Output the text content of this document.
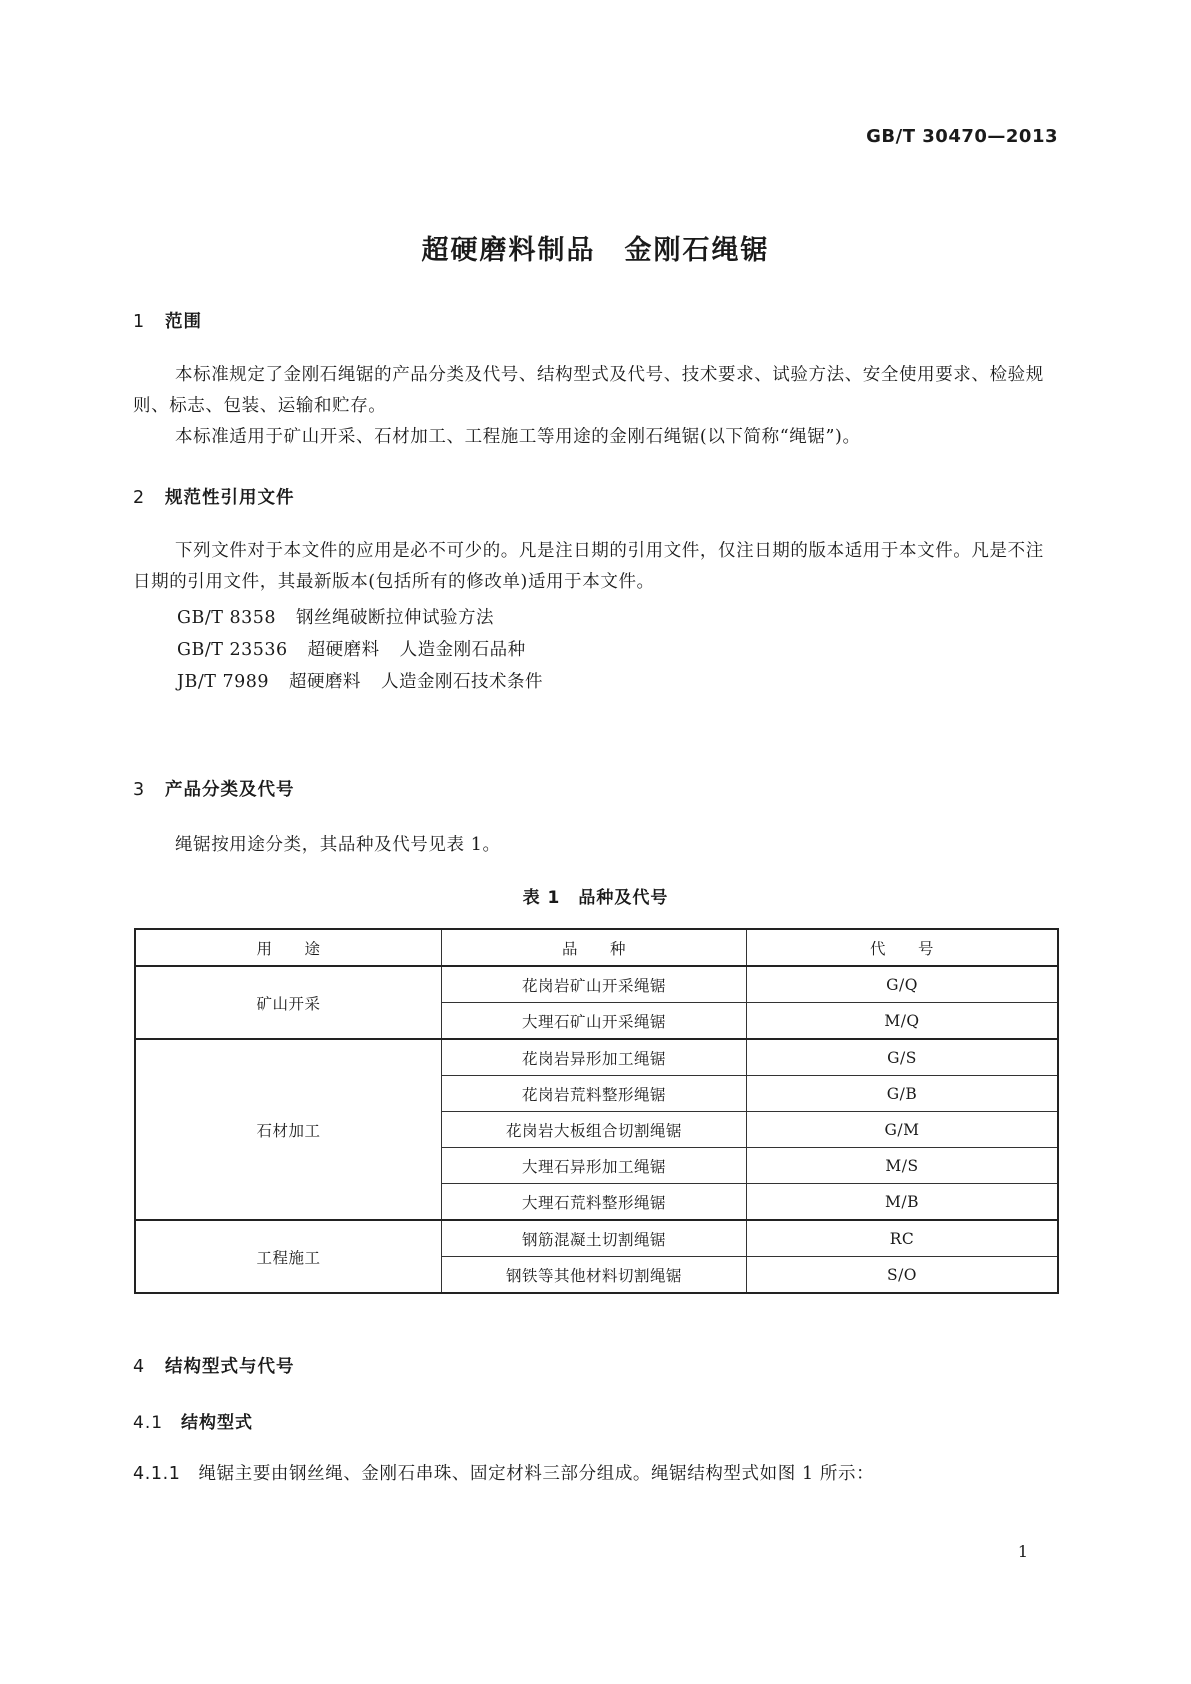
GB/T 30470—2013
超硬磨料制品　金刚石绳锯
1 范围

本标准规定了金刚石绳锯的产品分类及代号、结构型式及代号、技术要求、试验方法、安全使用要求、检验规则、标志、包装、运输和贮存。

本标准适用于矿山开采、石材加工、工程施工等用途的金刚石绳锯(以下简称“绳锯”)。

2 规范性引用文件

下列文件对于本文件的应用是必不可少的。凡是注日期的引用文件，仅注日期的版本适用于本文件。凡是不注日期的引用文件，其最新版本(包括所有的修改单)适用于本文件。

GB/T 8358 钢丝绳破断拉伸试验方法
GB/T 23536 超硬磨料 人造金刚石品种
JB/T 7989 超硬磨料 人造金刚石技术条件
3 产品分类及代号

绳锯按用途分类，其品种及代号见表 1。

表 1　品种及代号
用　　途	品　　种	代　　号
矿山开采	花岗岩矿山开采绳锯	G/Q
	大理石矿山开采绳锯	M/Q
石材加工	花岗岩异形加工绳锯	G/S
	花岗岩荒料整形绳锯	G/B
	花岗岩大板组合切割绳锯	G/M
	大理石异形加工绳锯	M/S
	大理石荒料整形绳锯	M/B
工程施工	钢筋混凝土切割绳锯	RC
	钢铁等其他材料切割绳锯	S/O
4 结构型式与代号
4.1 结构型式
4.1.1 绳锯主要由钢丝绳、金刚石串珠、固定材料三部分组成。绳锯结构型式如图 1 所示：
1
